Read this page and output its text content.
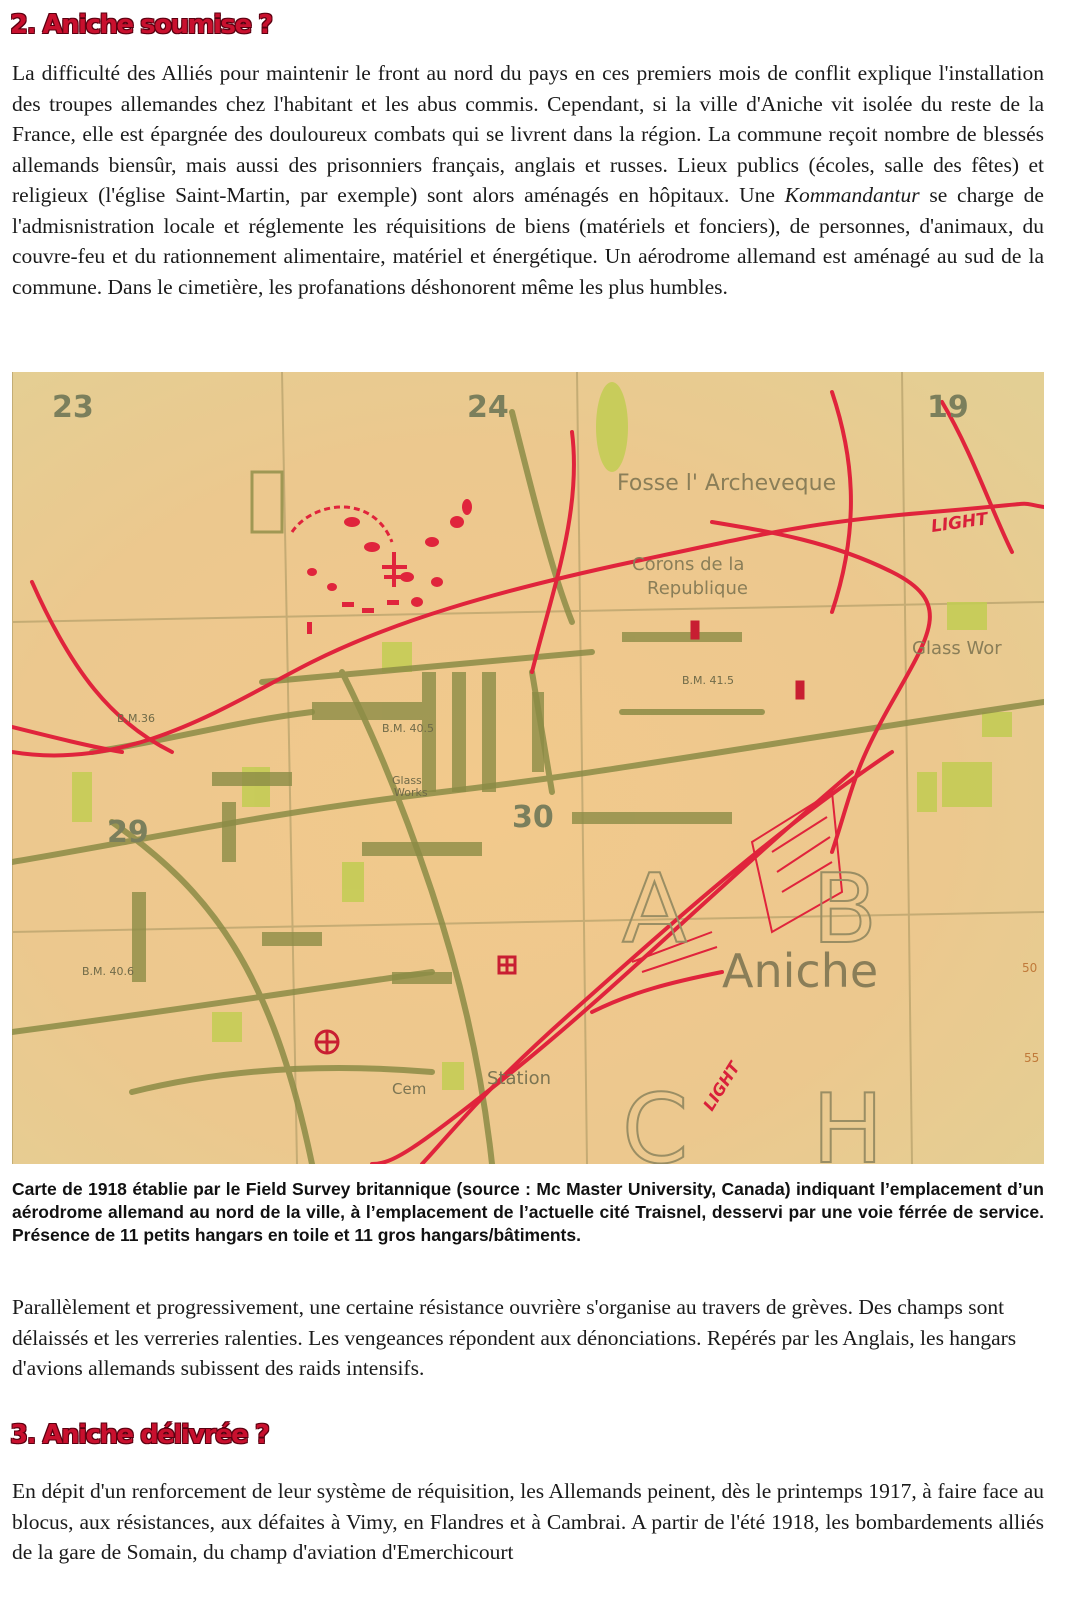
2. Aniche soumise ?

La difficulté des Alliés pour maintenir le front au nord du pays en ces premiers mois de conflit explique l'installation des troupes allemandes chez l'habitant et les abus commis. Cependant, si la ville d'Aniche vit isolée du reste de la France, elle est épargnée des douloureux combats qui se livrent dans la région. La commune reçoit nombre de blessés allemands biensûr, mais aussi des prisonniers français, anglais et russes. Lieux publics (écoles, salle des fêtes) et religieux (l'église Saint-Martin, par exemple) sont alors aménagés en hôpitaux. Une Kommandantur se charge de l'admisnistration locale et réglemente les réquisitions de biens (matériels et fonciers), de personnes, d'animaux, du couvre-feu et du rationnement alimentaire, matériel et énergétique. Un aérodrome allemand est aménagé au sud de la commune. Dans le cimetière, les profanations déshonorent même les plus humbles.

23	24	19
29	30
Fosse l' Archeveque
Corons de la
Republique
Glass Wor
Glass
Works
B.M. 41.5
B.M. 40.5
B.M.36
B.M. 40.6
Cem	Station
Aniche
A B
C H
50
55
LIGHT
LIGHT

Carte de 1918 établie par le Field Survey britannique (source : Mc Master University, Canada) indiquant l’emplacement d’un aérodrome allemand au nord de la ville, à l’emplacement de l’actuelle cité Traisnel, desservi par une voie férrée de service. Présence de 11 petits hangars en toile et 11 gros hangars/bâtiments.

Parallèlement et progressivement, une certaine résistance ouvrière s'organise au travers de grèves. Des champs sont délaissés et les verreries ralenties. Les vengeances répondent aux dénonciations. Repérés par les Anglais, les hangars d'avions allemands subissent des raids intensifs.

3. Aniche délivrée ?

En dépit d'un renforcement de leur système de réquisition, les Allemands peinent, dès le printemps 1917, à faire face au blocus, aux résistances, aux défaites à Vimy, en Flandres et à Cambrai. A partir de l'été 1918, les bombardements alliés de la gare de Somain, du champ d'aviation d'Emerchicourt
